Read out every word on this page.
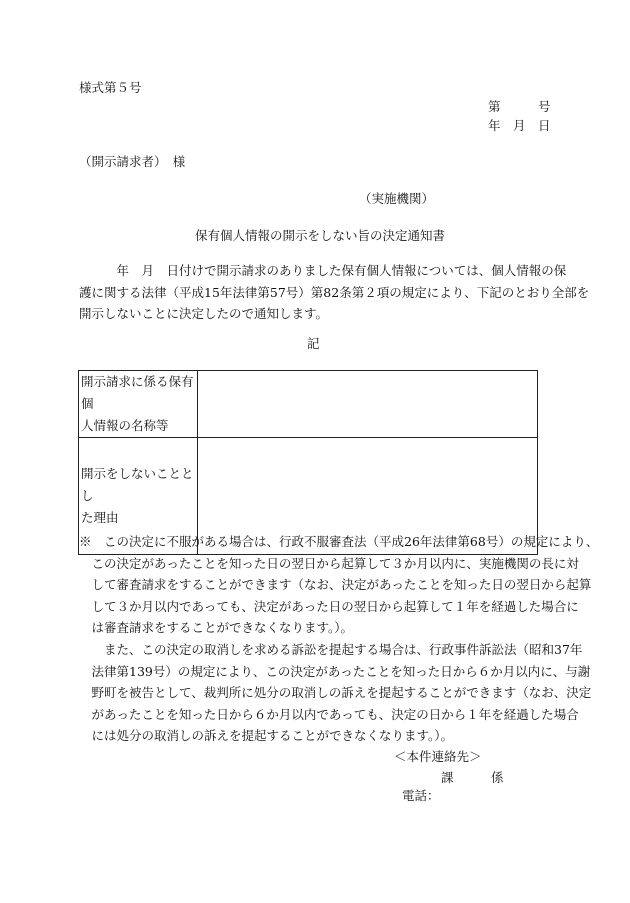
様式第５号
第　　　号
年　月　日
（開示請求者）　様
（実施機関）
保有個人情報の開示をしない旨の決定通知書
　　　年　月　日付けで開示請求のありました保有個人情報については、個人情報の保
護に関する法律（平成15年法律第57号）第82条第２項の規定により、下記のとおり全部を
開示しないことに決定したので通知します。
記
開示請求に係る保有個
人情報の名称等	
開示をしないこととし
た理由	
※　この決定に不服がある場合は、行政不服審査法（平成26年法律第68号）の規定により、
　この決定があったことを知った日の翌日から起算して３か月以内に、実施機関の長に対
　して審査請求をすることができます（なお、決定があったことを知った日の翌日から起算
　して３か月以内であっても、決定があった日の翌日から起算して１年を経過した場合に
　は審査請求をすることができなくなります。）。
　　また、この決定の取消しを求める訴訟を提起する場合は、行政事件訴訟法（昭和37年
　法律第139号）の規定により、この決定があったことを知った日から６か月以内に、与謝
　野町を被告として、裁判所に処分の取消しの訴えを提起することができます（なお、決定
　があったことを知った日から６か月以内であっても、決定の日から１年を経過した場合
　には処分の取消しの訴えを提起することができなくなります。）。
＜本件連絡先＞
課　　　係
電話：
